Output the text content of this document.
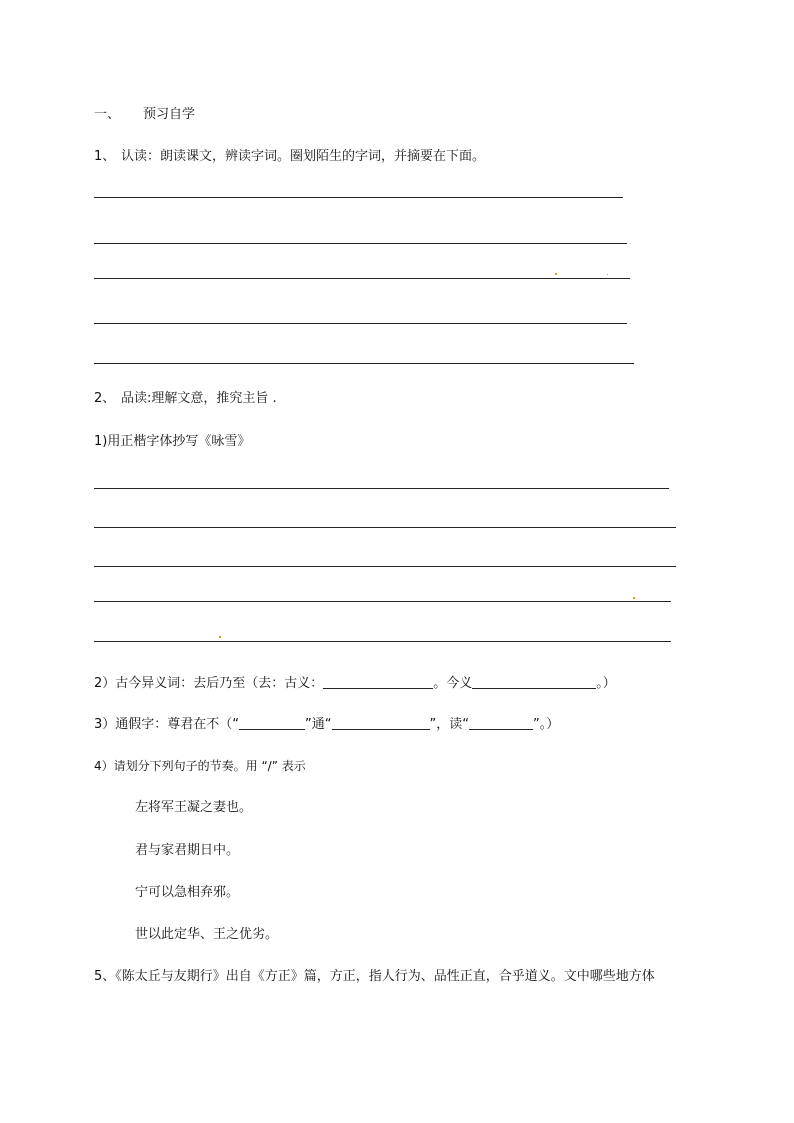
一、 预习自学
1、 认读：朗读课文，辨读字词。圈划陌生的字词，并摘要在下面。
2、 品读:理解文意，推究主旨 .
1)用正楷字体抄写《咏雪》
2）古今异义词：去后乃至（去：古义：	。今义	。）
3）通假字：尊君在不（“	”通“	”，读“	”。）
4）请划分下列句子的节奏。用 “/” 表示
左将军王凝之妻也。
君与家君期日中。
宁可以急相弃邪。
世以此定华、王之优劣。
5、《陈太丘与友期行》出自《方正》篇，方正，指人行为、品性正直，合乎道义。文中哪些地方体
